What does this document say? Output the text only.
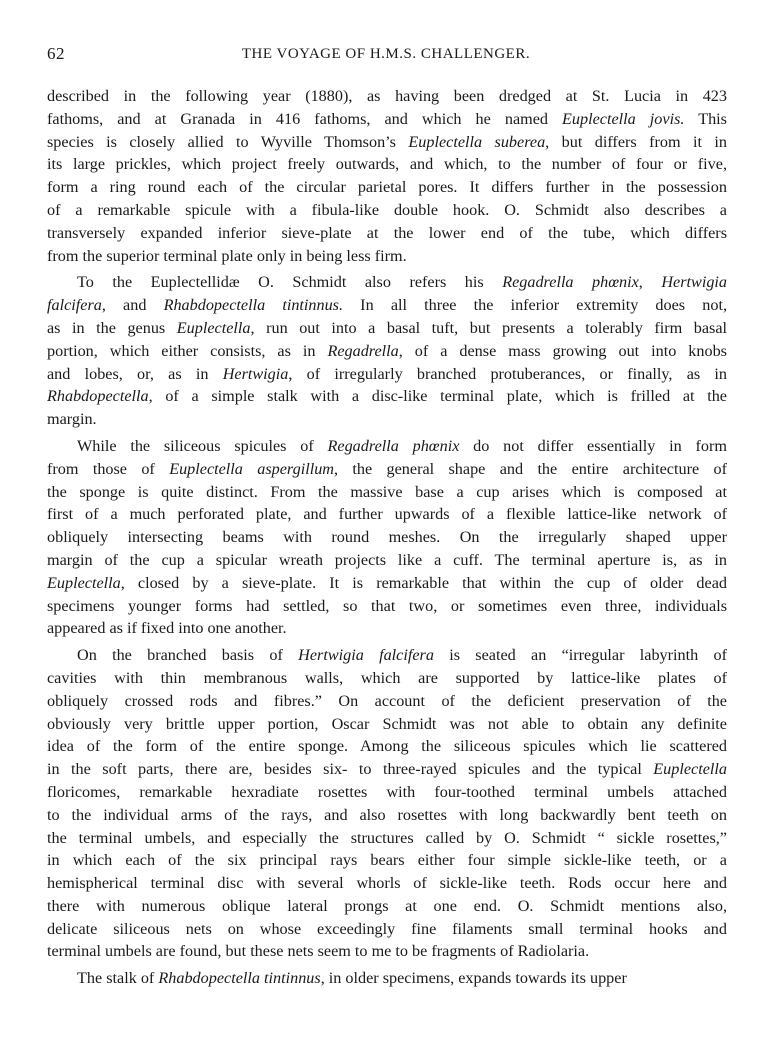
62	THE VOYAGE OF H.M.S. CHALLENGER.
described in the following year (1880), as having been dredged at St. Lucia in 423
fathoms, and at Granada in 416 fathoms, and which he named Euplectella jovis. This
species is closely allied to Wyville Thomson’s Euplectella suberea, but differs from it in
its large prickles, which project freely outwards, and which, to the number of four or five,
form a ring round each of the circular parietal pores. It differs further in the possession
of a remarkable spicule with a fibula-like double hook. O. Schmidt also describes a
transversely expanded inferior sieve-plate at the lower end of the tube, which differs
from the superior terminal plate only in being less firm.
To the Euplectellidæ O. Schmidt also refers his Regadrella phœnix, Hertwigia
falcifera, and Rhabdopectella tintinnus. In all three the inferior extremity does not,
as in the genus Euplectella, run out into a basal tuft, but presents a tolerably firm basal
portion, which either consists, as in Regadrella, of a dense mass growing out into knobs
and lobes, or, as in Hertwigia, of irregularly branched protuberances, or finally, as in
Rhabdopectella, of a simple stalk with a disc-like terminal plate, which is frilled at the
margin.
While the siliceous spicules of Regadrella phœnix do not differ essentially in form
from those of Euplectella aspergillum, the general shape and the entire architecture of
the sponge is quite distinct. From the massive base a cup arises which is composed at
first of a much perforated plate, and further upwards of a flexible lattice-like network of
obliquely intersecting beams with round meshes. On the irregularly shaped upper
margin of the cup a spicular wreath projects like a cuff. The terminal aperture is, as in
Euplectella, closed by a sieve-plate. It is remarkable that within the cup of older dead
specimens younger forms had settled, so that two, or sometimes even three, individuals
appeared as if fixed into one another.
On the branched basis of Hertwigia falcifera is seated an “irregular labyrinth of
cavities with thin membranous walls, which are supported by lattice-like plates of
obliquely crossed rods and fibres.” On account of the deficient preservation of the
obviously very brittle upper portion, Oscar Schmidt was not able to obtain any definite
idea of the form of the entire sponge. Among the siliceous spicules which lie scattered
in the soft parts, there are, besides six- to three-rayed spicules and the typical Euplectella
floricomes, remarkable hexradiate rosettes with four-toothed terminal umbels attached
to the individual arms of the rays, and also rosettes with long backwardly bent teeth on
the terminal umbels, and especially the structures called by O. Schmidt “ sickle rosettes,”
in which each of the six principal rays bears either four simple sickle-like teeth, or a
hemispherical terminal disc with several whorls of sickle-like teeth. Rods occur here and
there with numerous oblique lateral prongs at one end. O. Schmidt mentions also,
delicate siliceous nets on whose exceedingly fine filaments small terminal hooks and
terminal umbels are found, but these nets seem to me to be fragments of Radiolaria.
The stalk of Rhabdopectella tintinnus, in older specimens, expands towards its upper
